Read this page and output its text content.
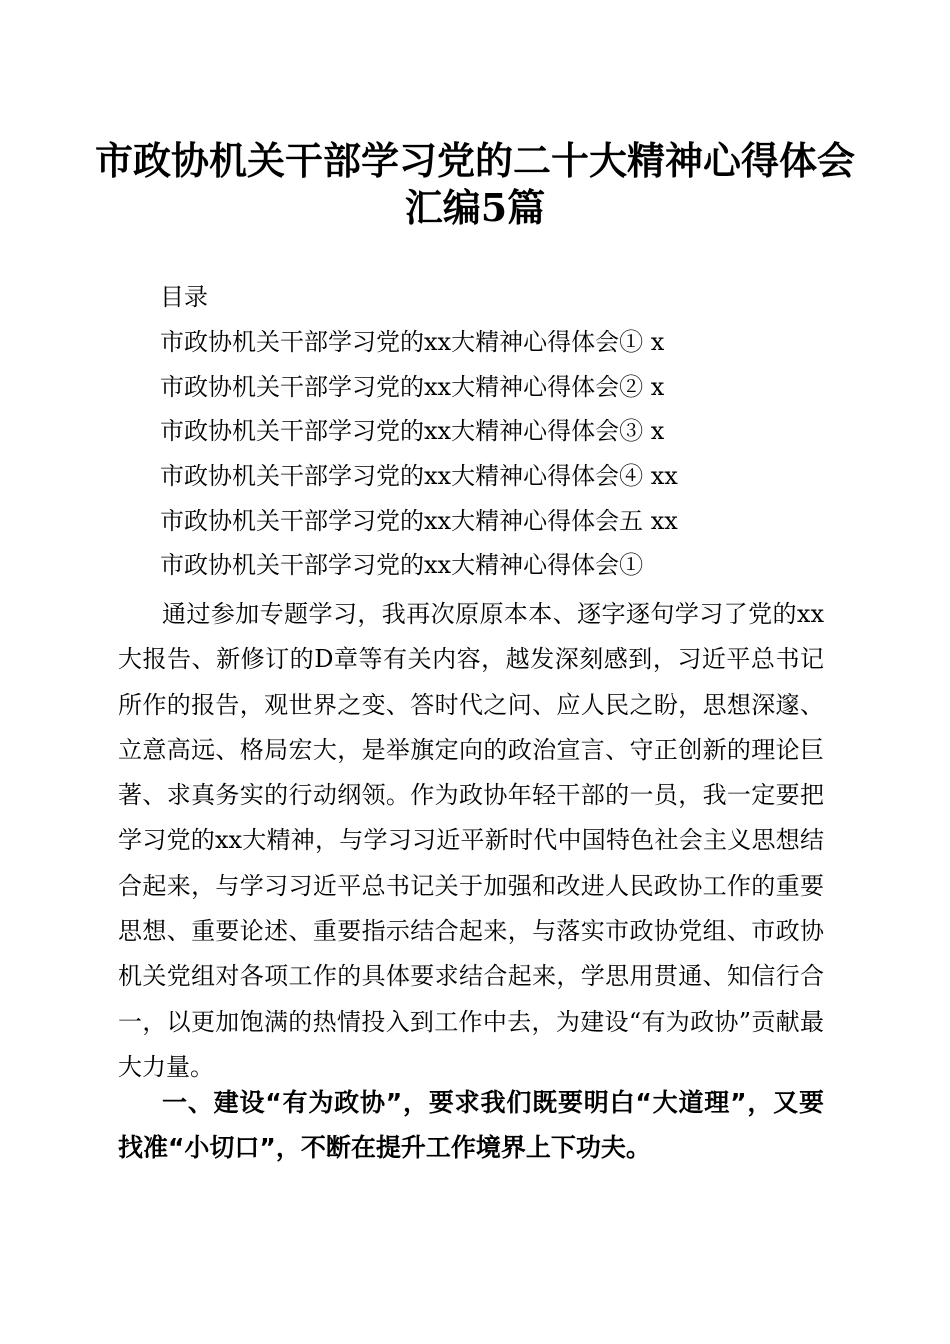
市政协机关干部学习党的二十大精神心得体会
汇编5篇
目录
市政协机关干部学习党的xx大精神心得体会① x
市政协机关干部学习党的xx大精神心得体会② x
市政协机关干部学习党的xx大精神心得体会③ x
市政协机关干部学习党的xx大精神心得体会④ xx
市政协机关干部学习党的xx大精神心得体会五 xx
市政协机关干部学习党的xx大精神心得体会①
通过参加专题学习，我再次原原本本、逐字逐句学习了党的xx大报告、新修订的D章等有关内容，越发深刻感到，习近平总书记所作的报告，观世界之变、答时代之问、应人民之盼，思想深邃、立意高远、格局宏大，是举旗定向的政治宣言、守正创新的理论巨著、求真务实的行动纲领。作为政协年轻干部的一员，我一定要把学习党的xx大精神，与学习习近平新时代中国特色社会主义思想结合起来，与学习习近平总书记关于加强和改进人民政协工作的重要思想、重要论述、重要指示结合起来，与落实市政协党组、市政协机关党组对各项工作的具体要求结合起来，学思用贯通、知信行合一，以更加饱满的热情投入到工作中去，为建设“有为政协”贡献最大力量。
一、建设“有为政协”，要求我们既要明白“大道理”，又要找准“小切口”，不断在提升工作境界上下功夫。
